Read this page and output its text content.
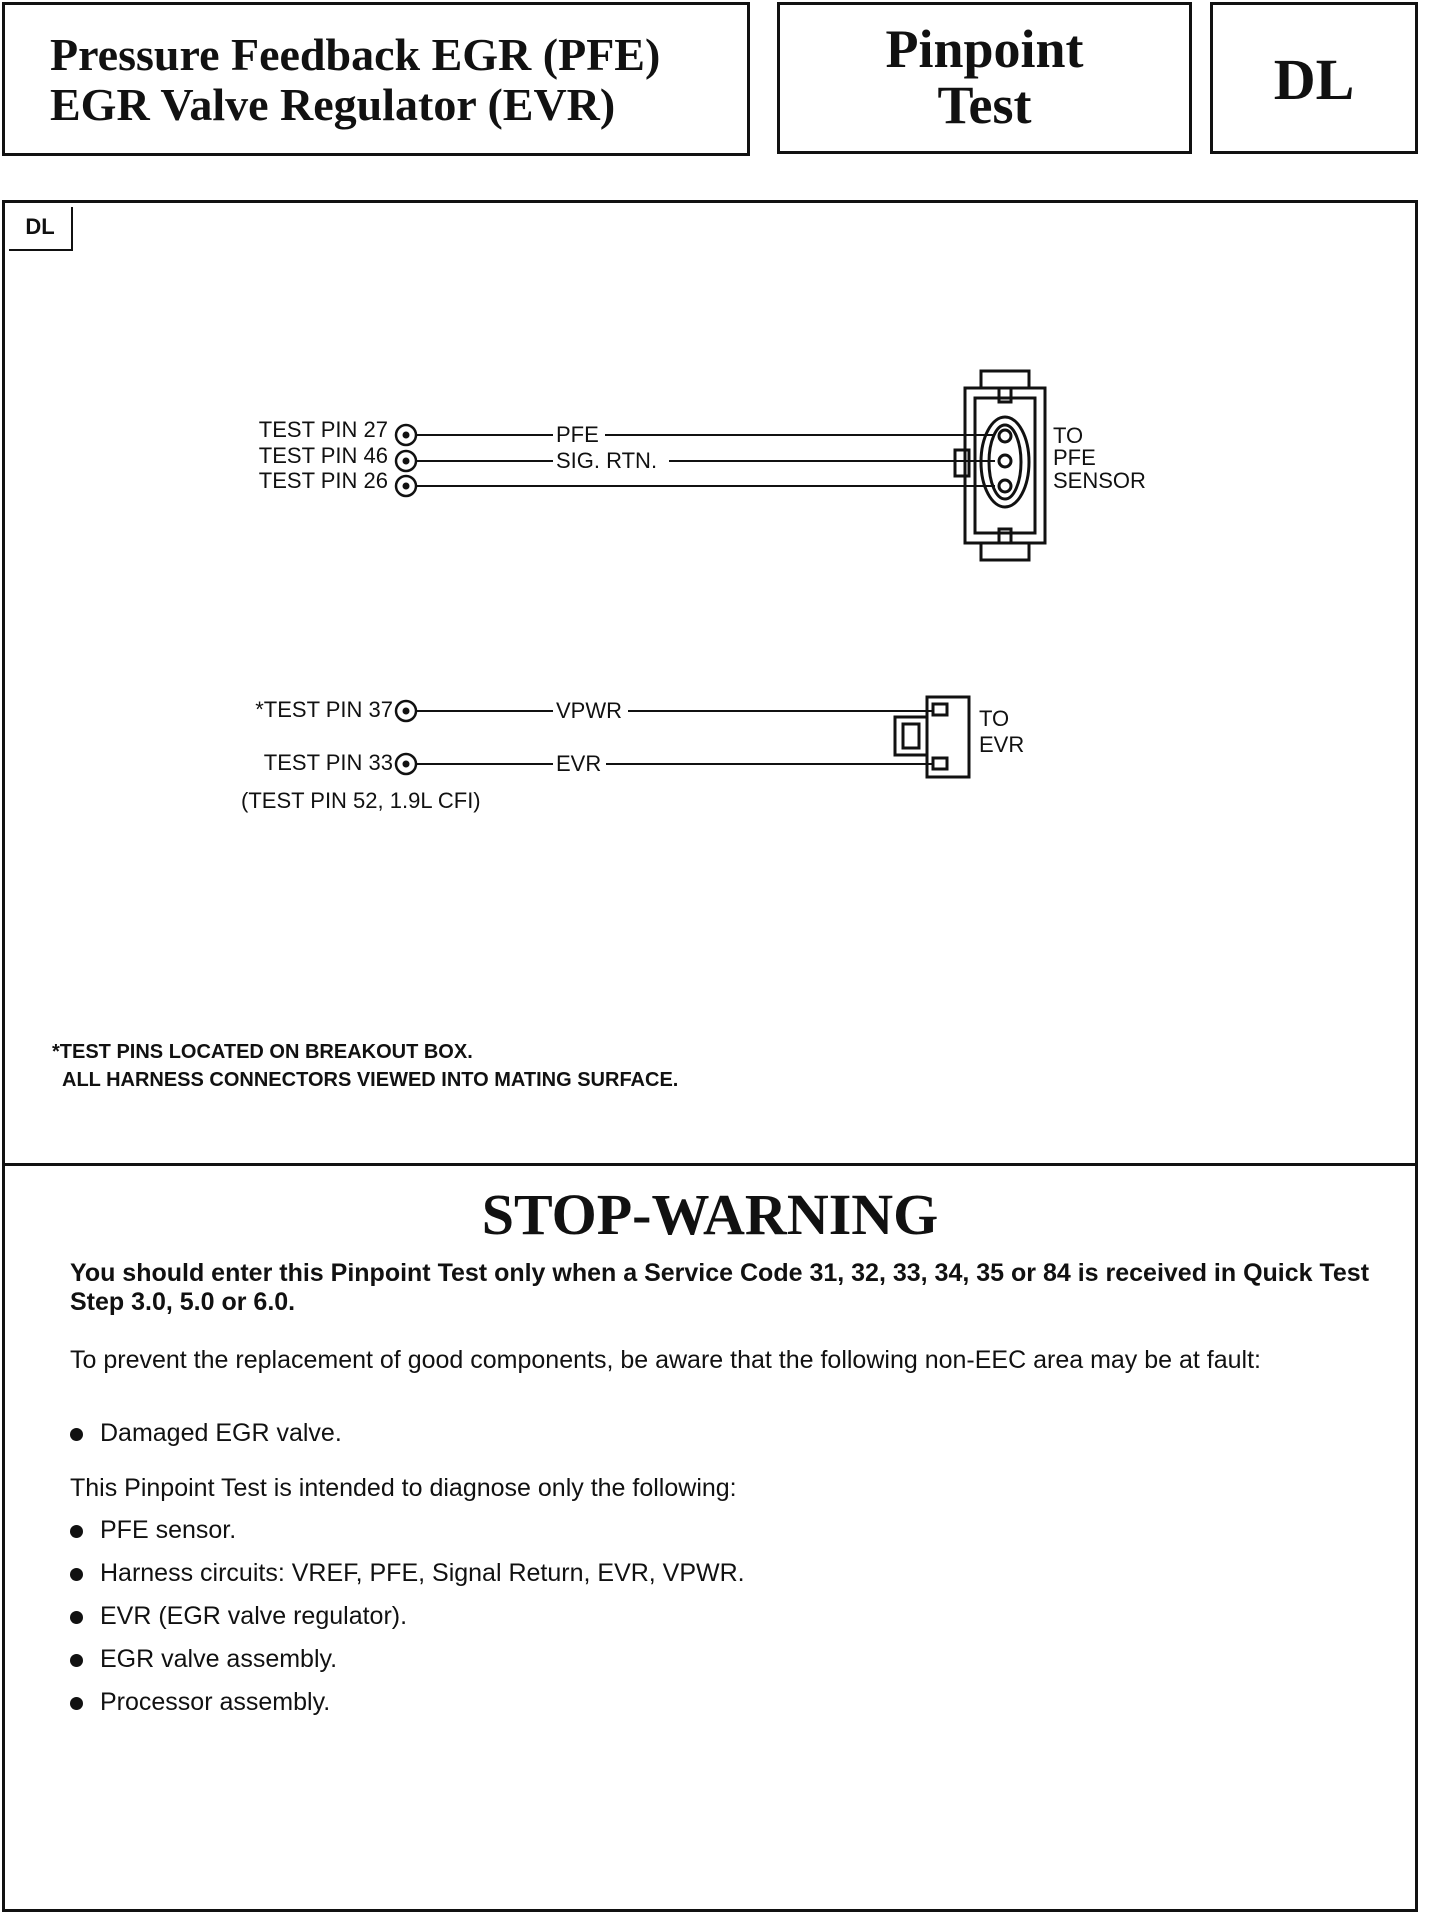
Pressure Feedback EGR (PFE)
EGR Valve Regulator (EVR)
Pinpoint
Test	DL
DL
TEST PIN 27
TEST PIN 46
TEST PIN 26
PFE
SIG. RTN.
TO
PFE
SENSOR
*TEST PIN 37
TEST PIN 33
(TEST PIN 52, 1.9L CFI)
VPWR
EVR
TO
EVR
*TEST PINS LOCATED ON BREAKOUT BOX.
ALL HARNESS CONNECTORS VIEWED INTO MATING SURFACE.
STOP-WARNING
You should enter this Pinpoint Test only when a Service Code 31, 32, 33, 34, 35 or 84 is received in Quick Test Step 3.0, 5.0 or 6.0.
To prevent the replacement of good components, be aware that the following non-EEC area may be at fault:
Damaged EGR valve.
This Pinpoint Test is intended to diagnose only the following:
PFE sensor.
Harness circuits: VREF, PFE, Signal Return, EVR, VPWR.
EVR (EGR valve regulator).
EGR valve assembly.
Processor assembly.
